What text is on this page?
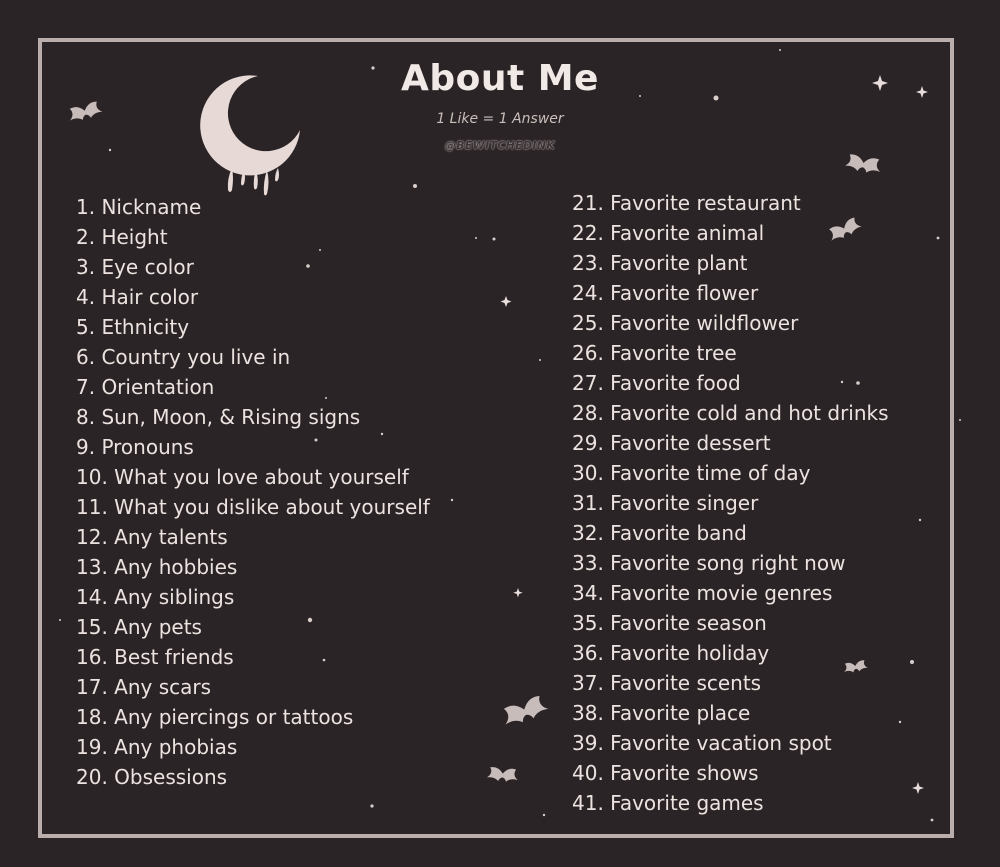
About Me
1 Like = 1 Answer
@BEWITCHEDINK
1. Nickname
2. Height
3. Eye color
4. Hair color
5. Ethnicity
6. Country you live in
7. Orientation
8. Sun, Moon, & Rising signs
9. Pronouns
10. What you love about yourself
11. What you dislike about yourself
12. Any talents
13. Any hobbies
14. Any siblings
15. Any pets
16. Best friends
17. Any scars
18. Any piercings or tattoos
19. Any phobias
20. Obsessions
21. Favorite restaurant
22. Favorite animal
23. Favorite plant
24. Favorite flower
25. Favorite wildflower
26. Favorite tree
27. Favorite food
28. Favorite cold and hot drinks
29. Favorite dessert
30. Favorite time of day
31. Favorite singer
32. Favorite band
33. Favorite song right now
34. Favorite movie genres
35. Favorite season
36. Favorite holiday
37. Favorite scents
38. Favorite place
39. Favorite vacation spot
40. Favorite shows
41. Favorite games
